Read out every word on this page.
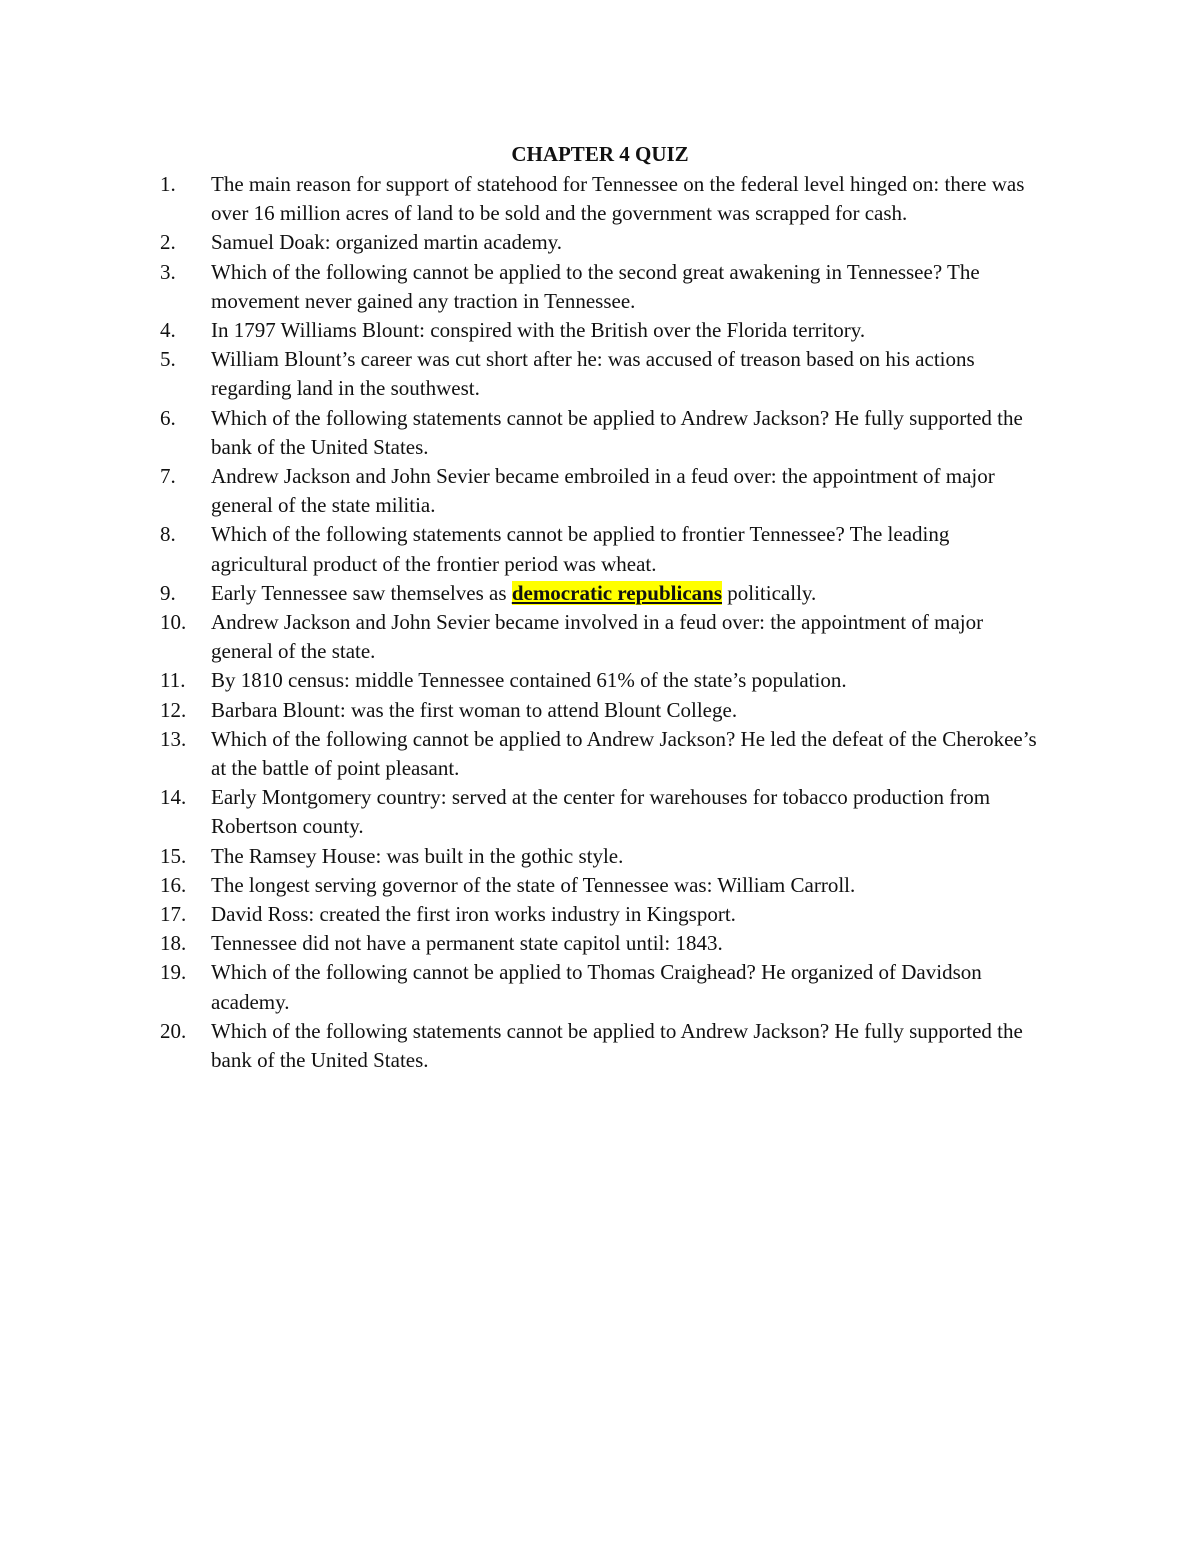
CHAPTER 4 QUIZ
1.	The main reason for support of statehood for Tennessee on the federal level hinged on: there was over 16 million acres of land to be sold and the government was scrapped for cash.
2.	Samuel Doak: organized martin academy.
3.	Which of the following cannot be applied to the second great awakening in Tennessee? The movement never gained any traction in Tennessee.
4.	In 1797 Williams Blount: conspired with the British over the Florida territory.
5.	William Blount’s career was cut short after he: was accused of treason based on his actions regarding land in the southwest.
6.	Which of the following statements cannot be applied to Andrew Jackson? He fully supported the bank of the United States.
7.	Andrew Jackson and John Sevier became embroiled in a feud over: the appointment of major general of the state militia.
8.	Which of the following statements cannot be applied to frontier Tennessee? The leading agricultural product of the frontier period was wheat.
9.	Early Tennessee saw themselves as democratic republicans politically.
10.	Andrew Jackson and John Sevier became involved in a feud over: the appointment of major general of the state.
11.	By 1810 census: middle Tennessee contained 61% of the state’s population.
12.	Barbara Blount: was the first woman to attend Blount College.
13.	Which of the following cannot be applied to Andrew Jackson? He led the defeat of the Cherokee’s at the battle of point pleasant.
14.	Early Montgomery country: served at the center for warehouses for tobacco production from Robertson county.
15.	The Ramsey House: was built in the gothic style.
16.	The longest serving governor of the state of Tennessee was: William Carroll.
17.	David Ross: created the first iron works industry in Kingsport.
18.	Tennessee did not have a permanent state capitol until: 1843.
19.	Which of the following cannot be applied to Thomas Craighead? He organized of Davidson academy.
20.	Which of the following statements cannot be applied to Andrew Jackson? He fully supported the bank of the United States.
